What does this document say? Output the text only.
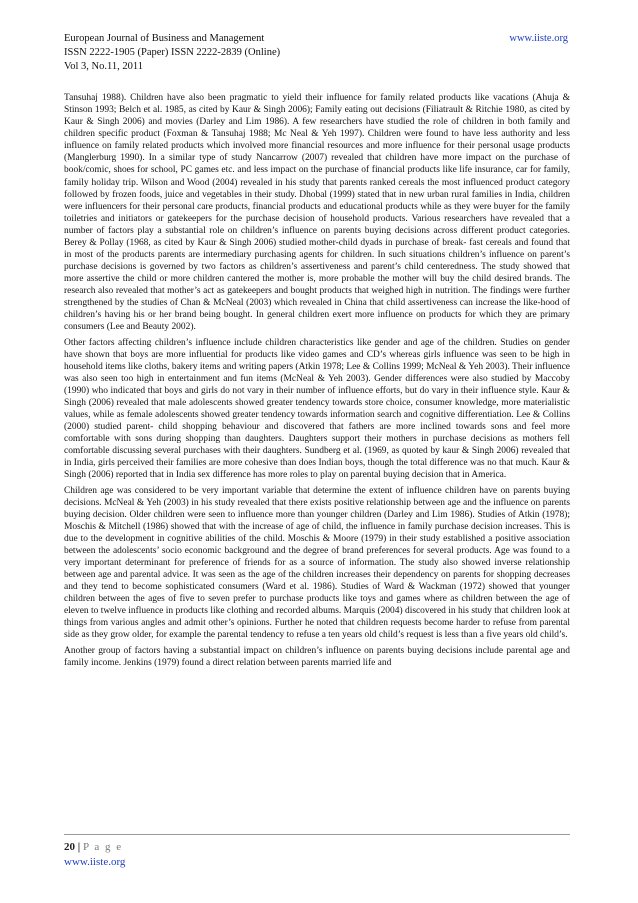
European Journal of Business and Management	www.iiste.org
ISSN 2222-1905 (Paper) ISSN 2222-2839 (Online)
Vol 3, No.11, 2011

Tansuhaj 1988). Children have also been pragmatic to yield their influence for family related products like vacations (Ahuja & Stinson 1993; Belch et al. 1985, as cited by Kaur & Singh 2006); Family eating out decisions (Filiatrault & Ritchie 1980, as cited by Kaur & Singh 2006) and movies (Darley and Lim 1986). A few researchers have studied the role of children in both family and children specific product (Foxman & Tansuhaj 1988; Mc Neal & Yeh 1997). Children were found to have less authority and less influence on family related products which involved more financial resources and more influence for their personal usage products (Manglerburg 1990). In a similar type of study Nancarrow (2007) revealed that children have more impact on the purchase of book/comic, shoes for school, PC games etc. and less impact on the purchase of financial products like life insurance, car for family, family holiday trip. Wilson and Wood (2004) revealed in his study that parents ranked cereals the most influenced product category followed by frozen foods, juice and vegetables in their study. Dhobal (1999) stated that in new urban rural families in India, children were influencers for their personal care products, financial products and educational products while as they were buyer for the family toiletries and initiators or gatekeepers for the purchase decision of household products. Various researchers have revealed that a number of factors play a substantial role on children’s influence on parents buying decisions across different product categories. Berey & Pollay (1968, as cited by Kaur & Singh 2006) studied mother-child dyads in purchase of break- fast cereals and found that in most of the products parents are intermediary purchasing agents for children. In such situations children’s influence on parent’s purchase decisions is governed by two factors as children’s assertiveness and parent’s child centeredness. The study showed that more assertive the child or more children cantered the mother is, more probable the mother will buy the child desired brands. The research also revealed that mother’s act as gatekeepers and bought products that weighed high in nutrition. The findings were further strengthened by the studies of Chan & McNeal (2003) which revealed in China that child assertiveness can increase the like-hood of children’s having his or her brand being bought. In general children exert more influence on products for which they are primary consumers (Lee and Beauty 2002).

Other factors affecting children’s influence include children characteristics like gender and age of the children. Studies on gender have shown that boys are more influential for products like video games and CD’s whereas girls influence was seen to be high in household items like cloths, bakery items and writing papers (Atkin 1978; Lee & Collins 1999; McNeal & Yeh 2003). Their influence was also seen too high in entertainment and fun items (McNeal & Yeh 2003). Gender differences were also studied by Maccoby (1990) who indicated that boys and girls do not vary in their number of influence efforts, but do vary in their influence style. Kaur & Singh (2006) revealed that male adolescents showed greater tendency towards store choice, consumer knowledge, more materialistic values, while as female adolescents showed greater tendency towards information search and cognitive differentiation. Lee & Collins (2000) studied parent- child shopping behaviour and discovered that fathers are more inclined towards sons and feel more comfortable with sons during shopping than daughters. Daughters support their mothers in purchase decisions as mothers fell comfortable discussing several purchases with their daughters. Sundberg et al. (1969, as quoted by kaur & Singh 2006) revealed that in India, girls perceived their families are more cohesive than does Indian boys, though the total difference was no that much. Kaur & Singh (2006) reported that in India sex difference has more roles to play on parental buying decision that in America.

Children age was considered to be very important variable that determine the extent of influence children have on parents buying decisions. McNeal & Yeh (2003) in his study revealed that there exists positive relationship between age and the influence on parents buying decision. Older children were seen to influence more than younger children (Darley and Lim 1986). Studies of Atkin (1978); Moschis & Mitchell (1986) showed that with the increase of age of child, the influence in family purchase decision increases. This is due to the development in cognitive abilities of the child. Moschis & Moore (1979) in their study established a positive association between the adolescents’ socio economic background and the degree of brand preferences for several products. Age was found to a very important determinant for preference of friends for as a source of information. The study also showed inverse relationship between age and parental advice. It was seen as the age of the children increases their dependency on parents for shopping decreases and they tend to become sophisticated consumers (Ward et al. 1986). Studies of Ward & Wackman (1972) showed that younger children between the ages of five to seven prefer to purchase products like toys and games where as children between the age of eleven to twelve influence in products like clothing and recorded albums. Marquis (2004) discovered in his study that children look at things from various angles and admit other’s opinions. Further he noted that children requests become harder to refuse from parental side as they grow older, for example the parental tendency to refuse a ten years old child’s request is less than a five years old child’s.

Another group of factors having a substantial impact on children’s influence on parents buying decisions include parental age and family income. Jenkins (1979) found a direct relation between parents married life and

20 | P a g e
www.iiste.org
